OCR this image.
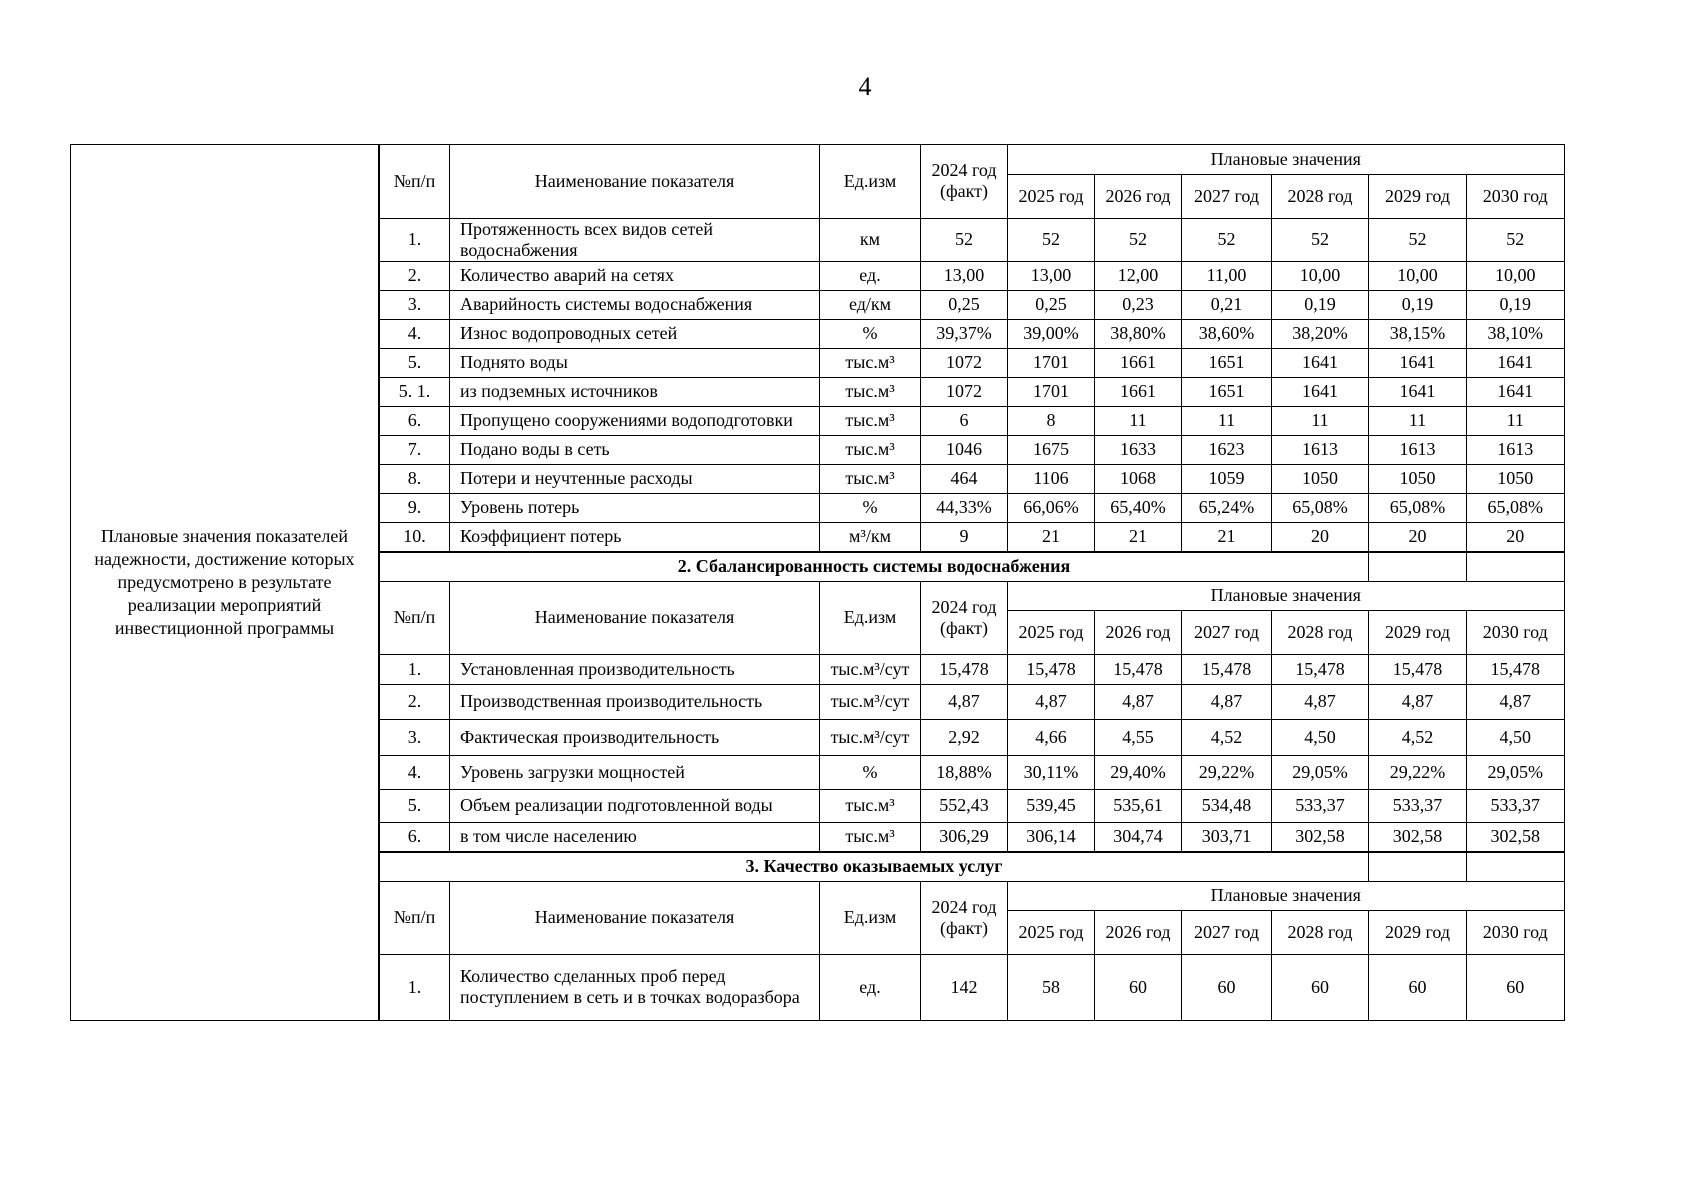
4
Плановые значения показателей надежности, достижение которых предусмотрено в результате реализации мероприятий инвестиционной программы
№п/п	Наименование показателя	Ед.изм	2024 год (факт)	Плановые значения					
				2025 год	2026 год	2027 год	2028 год	2029 год	2030 год
1.	Протяженность всех видов сетей водоснабжения	км	52	52	52	52	52	52	52
2.	Количество аварий на сетях	ед.	13,00	13,00	12,00	11,00	10,00	10,00	10,00
3.	Аварийность системы водоснабжения	ед/км	0,25	0,25	0,23	0,21	0,19	0,19	0,19
4.	Износ водопроводных сетей	%	39,37%	39,00%	38,80%	38,60%	38,20%	38,15%	38,10%
5.	Поднято воды	тыс.м³	1072	1701	1661	1651	1641	1641	1641
5. 1.	из подземных источников	тыс.м³	1072	1701	1661	1651	1641	1641	1641
6.	Пропущено сооружениями водоподготовки	тыс.м³	6	8	11	11	11	11	11
7.	Подано воды в сеть	тыс.м³	1046	1675	1633	1623	1613	1613	1613
8.	Потери и неучтенные расходы	тыс.м³	464	1106	1068	1059	1050	1050	1050
9.	Уровень потерь	%	44,33%	66,06%	65,40%	65,24%	65,08%	65,08%	65,08%
10.	Коэффициент потерь	м³/км	9	21	21	21	20	20	20
2. Сбалансированность системы водоснабжения									
№п/п	Наименование показателя	Ед.изм	2024 год (факт)	Плановые значения					
				2025 год	2026 год	2027 год	2028 год	2029 год	2030 год
1.	Установленная производительность	тыс.м³/сут	15,478	15,478	15,478	15,478	15,478	15,478	15,478
2.	Производственная производительность	тыс.м³/сут	4,87	4,87	4,87	4,87	4,87	4,87	4,87
3.	Фактическая производительность	тыс.м³/сут	2,92	4,66	4,55	4,52	4,50	4,52	4,50
4.	Уровень загрузки мощностей	%	18,88%	30,11%	29,40%	29,22%	29,05%	29,22%	29,05%
5.	Объем реализации подготовленной воды	тыс.м³	552,43	539,45	535,61	534,48	533,37	533,37	533,37
6.	в том числе населению	тыс.м³	306,29	306,14	304,74	303,71	302,58	302,58	302,58
3. Качество оказываемых услуг									
№п/п	Наименование показателя	Ед.изм	2024 год (факт)	Плановые значения					
				2025 год	2026 год	2027 год	2028 год	2029 год	2030 год
1.	Количество сделанных проб перед поступлением в сеть и в точках водоразбора	ед.	142	58	60	60	60	60	60
